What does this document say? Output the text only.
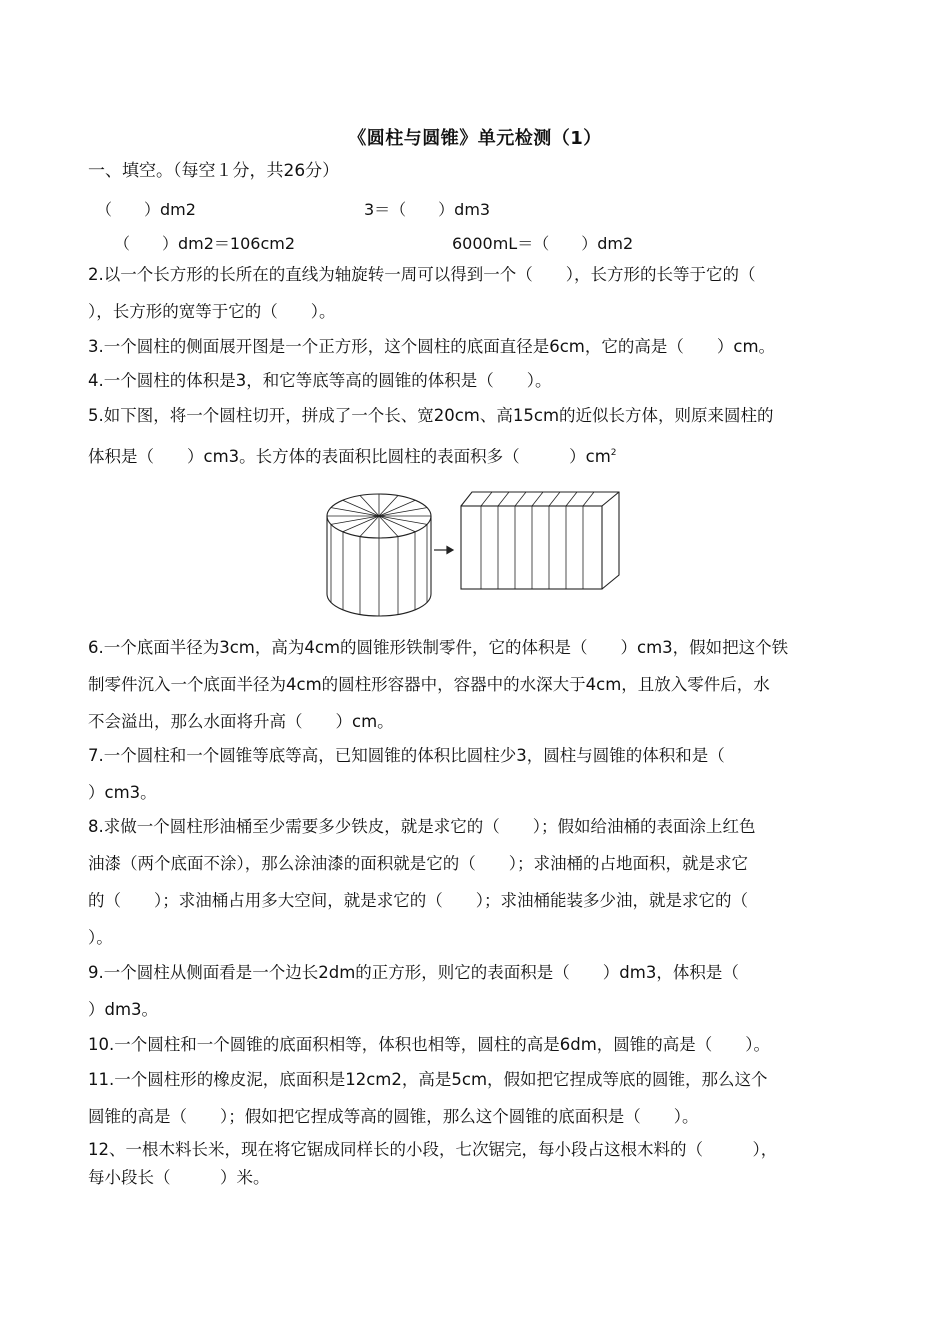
《圆柱与圆锥》单元检测（1）
一、填空。（每空１分，共26分）
（　　）dm2	3＝（　　）dm3
（　　）dm2＝106cm2	6000mL＝（　　）dm2
2.以一个长方形的长所在的直线为轴旋转一周可以得到一个（　　），长方形的长等于它的（
），长方形的宽等于它的（　　）。
3.一个圆柱的侧面展开图是一个正方形，这个圆柱的底面直径是6cm，它的高是（　　）cm。
4.一个圆柱的体积是3，和它等底等高的圆锥的体积是（　　）。
5.如下图，将一个圆柱切开，拼成了一个长、宽20cm、高15cm的近似长方体，则原来圆柱的
体积是（　　）cm3。长方体的表面积比圆柱的表面积多（　　　）$cm^2$
6.一个底面半径为3cm，高为4cm的圆锥形铁制零件，它的体积是（　　）cm3，假如把这个铁
制零件沉入一个底面半径为4cm的圆柱形容器中，容器中的水深大于4cm，且放入零件后，水
不会溢出，那么水面将升高（　　）cm。
7.一个圆柱和一个圆锥等底等高，已知圆锥的体积比圆柱少3，圆柱与圆锥的体积和是（
）cm3。
8.求做一个圆柱形油桶至少需要多少铁皮，就是求它的（　　）；假如给油桶的表面涂上红色
油漆（两个底面不涂），那么涂油漆的面积就是它的（　　）；求油桶的占地面积，就是求它
的（　　）；求油桶占用多大空间，就是求它的（　　）；求油桶能装多少油，就是求它的（
）。
9.一个圆柱从侧面看是一个边长2dm的正方形，则它的表面积是（　　）dm3，体积是（
）dm3。
10.一个圆柱和一个圆锥的底面积相等，体积也相等，圆柱的高是6dm，圆锥的高是（　　）。
11.一个圆柱形的橡皮泥，底面积是12cm2，高是5cm，假如把它捏成等底的圆锥，那么这个
圆锥的高是（　　）；假如把它捏成等高的圆锥，那么这个圆锥的底面积是（　　）。
12、一根木料长米，现在将它锯成同样长的小段，七次锯完，每小段占这根木料的（　　　），
每小段长（　　　）米。
